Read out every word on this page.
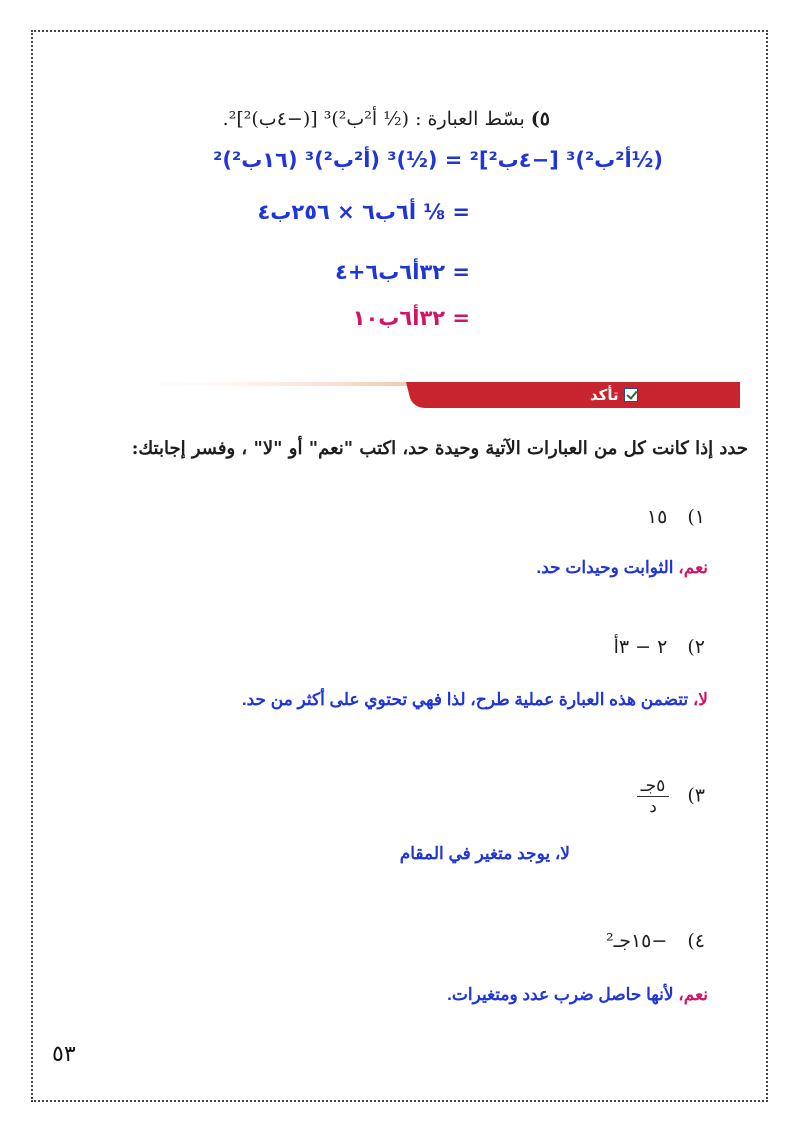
٥) بسّط العبارة : (½ أ²ب²)³ [(−٤ب)²]².
(½أ²ب²)³ [−٤ب²]² = (½)³ (أ²ب²)³ (١٦ب²)²
= ⅛ أ٦ب٦ × ٢٥٦ب٤
= ٣٢أ٦ب٦+٤
= ٣٢أ٦ب١٠
تأكد
حدد إذا كانت كل من العبارات الآتية وحيدة حد، اكتب "نعم" أو "لا" ، وفسر إجابتك:
١) ١٥
نعم، الثوابت وحيدات حد.
٢) ٢ − ٣أ
لا، تتضمن هذه العبارة عملية طرح، لذا فهي تحتوي على أكثر من حد.
٣)
$\frac{\text{٥جـ}}{\text{د}}$
لا، يوجد متغير في المقام
٤) −١٥جـ²
نعم، لأنها حاصل ضرب عدد ومتغيرات.
٥٣
